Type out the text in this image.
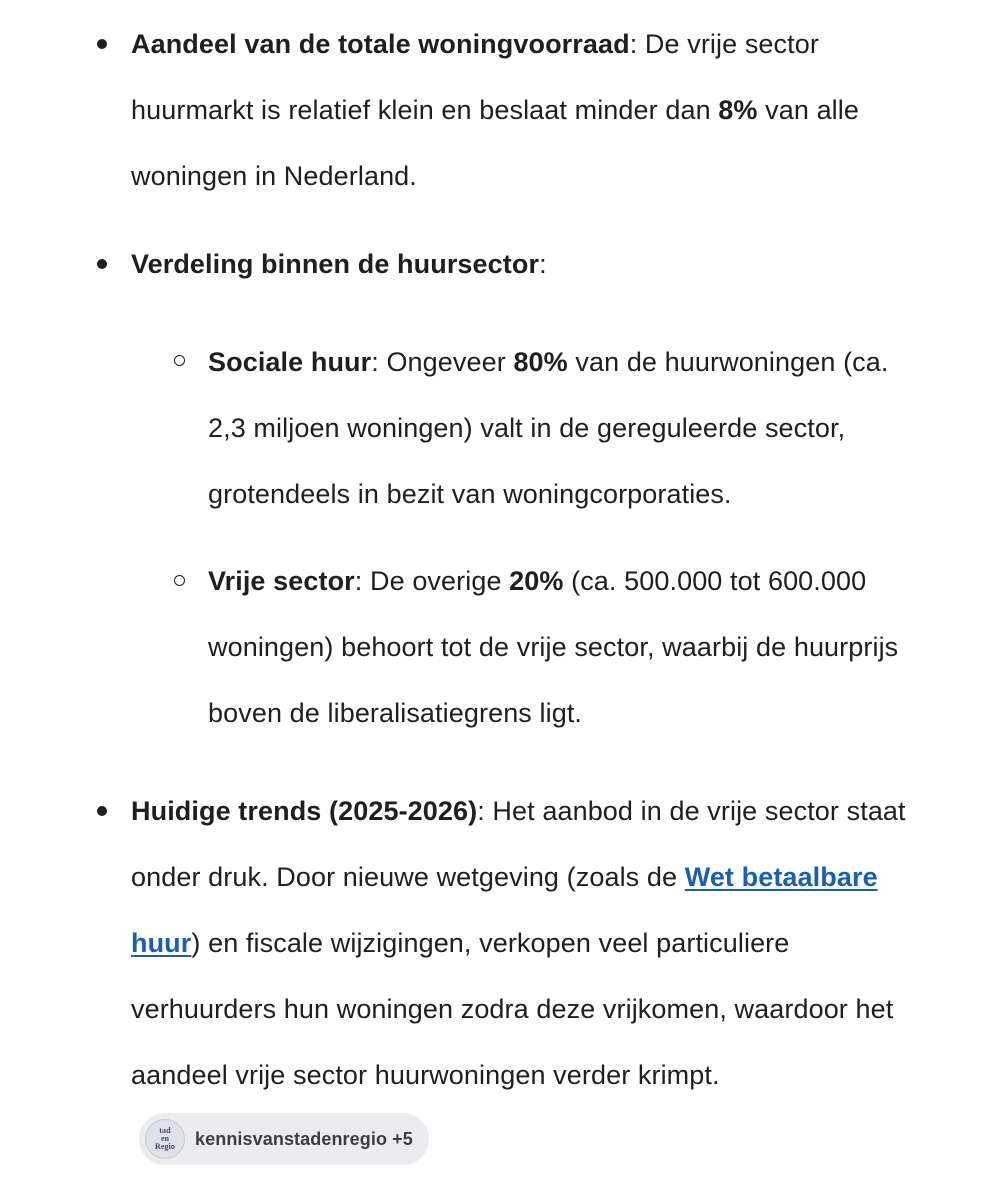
Aandeel van de totale woningvoorraad: De vrije sector huurmarkt is relatief klein en beslaat minder dan 8% van alle woningen in Nederland.
Verdeling binnen de huursector:
Sociale huur: Ongeveer 80% van de huurwoningen (ca. 2,3 miljoen woningen) valt in de gereguleerde sector, grotendeels in bezit van woningcorporaties.
Vrije sector: De overige 20% (ca. 500.000 tot 600.000 woningen) behoort tot de vrije sector, waarbij de huurprijs boven de liberalisatiegrens ligt.
Huidige trends (2025-2026): Het aanbod in de vrije sector staat onder druk. Door nieuwe wetgeving (zoals de Wet betaalbare huur) en fiscale wijzigingen, verkopen veel particuliere verhuurders hun woningen zodra deze vrijkomen, waardoor het aandeel vrije sector huurwoningen verder krimpt.
tad
en
Regio kennisvanstadenregio +5
